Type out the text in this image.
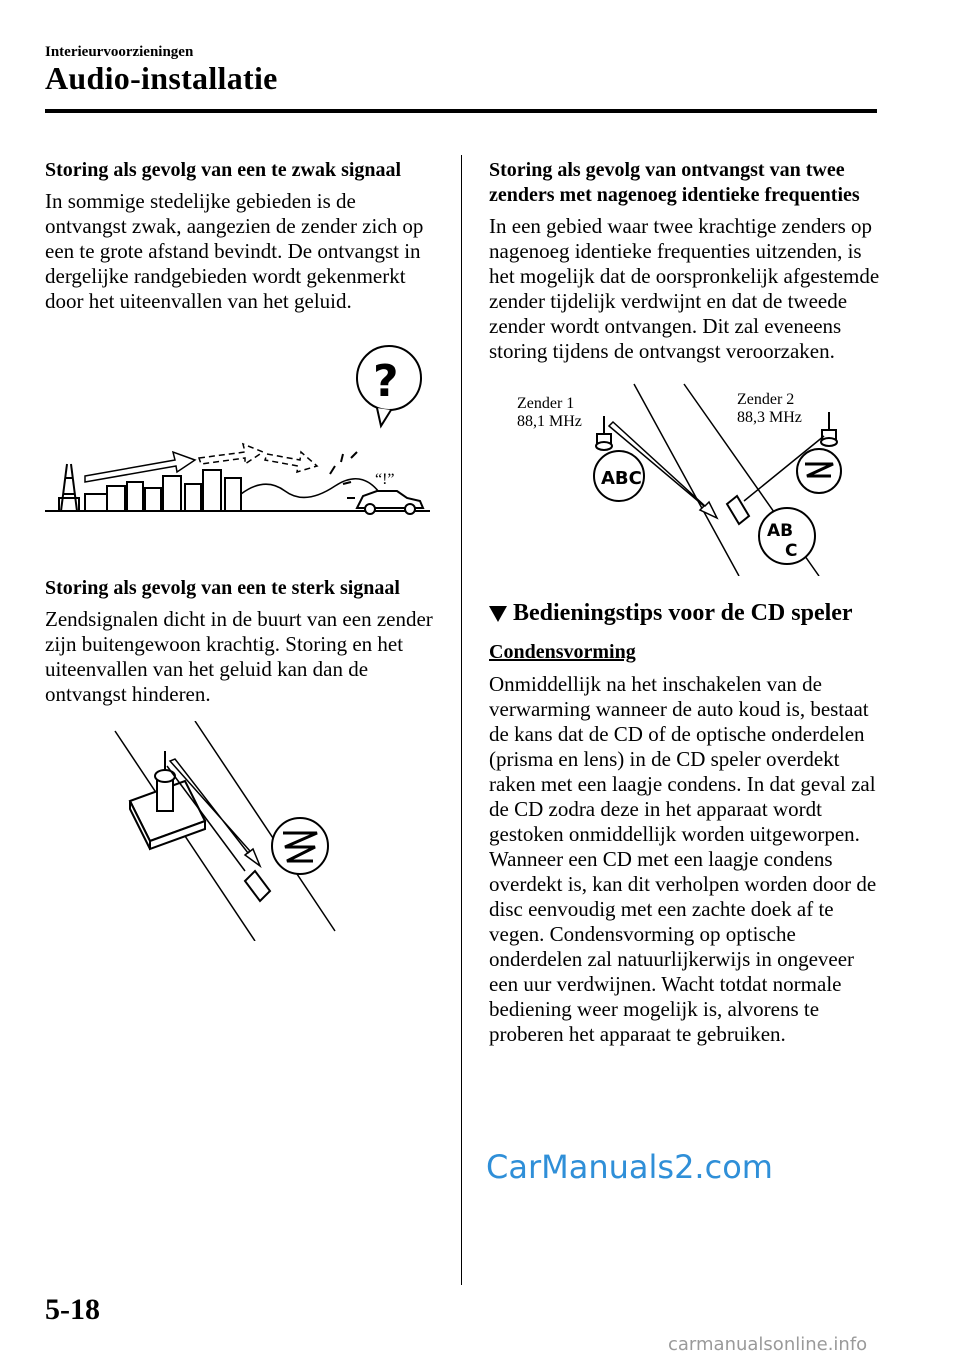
Interieurvoorzieningen
Audio-installatie

Storing als gevolg van een te zwak signaal

In sommige stedelijke gebieden is de ontvangst zwak, aangezien de zender zich op een te grote afstand bevindt. De ontvangst in dergelijke randgebieden wordt gekenmerkt door het uiteenvallen van het geluid.

“!”
?

Storing als gevolg van een te sterk signaal

Zendsignalen dicht in de buurt van een zender zijn buitengewoon krachtig. Storing en het uiteenvallen van het geluid kan dan de ontvangst hinderen.

Storing als gevolg van ontvangst van twee zenders met nagenoeg identieke frequenties

In een gebied waar twee krachtige zenders op nagenoeg identieke frequenties uitzenden, is het mogelijk dat de oorspronkelijk afgestemde zender tijdelijk verdwijnt en dat de tweede zender wordt ontvangen. Dit zal eveneens storing tijdens de ontvangst veroorzaken.

Zender 1
88,1 MHz
Zender 2
88,3 MHz
ABC
AB
C
Bedieningstips voor de CD speler

Condensvorming

Onmiddellijk na het inschakelen van de verwarming wanneer de auto koud is, bestaat de kans dat de CD of de optische onderdelen (prisma en lens) in de CD speler overdekt raken met een laagje condens. In dat geval zal de CD zodra deze in het apparaat wordt gestoken onmiddellijk worden uitgeworpen. Wanneer een CD met een laagje condens overdekt is, kan dit verholpen worden door de disc eenvoudig met een zachte doek af te vegen. Condensvorming op optische onderdelen zal natuurlijkerwijs in ongeveer een uur verdwijnen. Wacht totdat normale bediening weer mogelijk is, alvorens te proberen het apparaat te gebruiken.

5-18
CarManuals2.com
carmanualsonline.info
